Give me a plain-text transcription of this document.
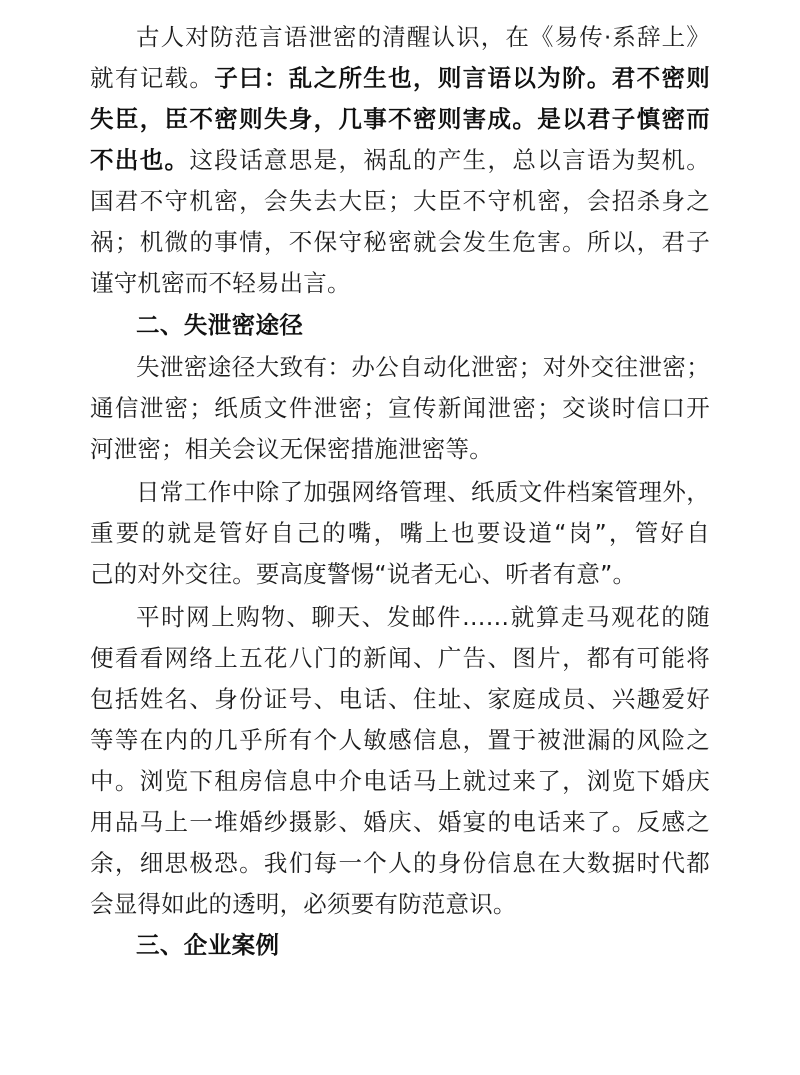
古人对防范言语泄密的清醒认识，在《易传·系辞上》
就有记载。子曰：乱之所生也，则言语以为阶。君不密则
失臣，臣不密则失身，几事不密则害成。是以君子慎密而
不出也。这段话意思是，祸乱的产生，总以言语为契机。
国君不守机密，会失去大臣；大臣不守机密，会招杀身之
祸；机微的事情，不保守秘密就会发生危害。所以，君子
谨守机密而不轻易出言。
二、失泄密途径
失泄密途径大致有：办公自动化泄密；对外交往泄密；
通信泄密；纸质文件泄密；宣传新闻泄密；交谈时信口开
河泄密；相关会议无保密措施泄密等。
日常工作中除了加强网络管理、纸质文件档案管理外，
重要的就是管好自己的嘴，嘴上也要设道“岗”，管好自
己的对外交往。要高度警惕“说者无心、听者有意”。
平时网上购物、聊天、发邮件……就算走马观花的随
便看看网络上五花八门的新闻、广告、图片，都有可能将
包括姓名、身份证号、电话、住址、家庭成员、兴趣爱好
等等在内的几乎所有个人敏感信息，置于被泄漏的风险之
中。浏览下租房信息中介电话马上就过来了，浏览下婚庆
用品马上一堆婚纱摄影、婚庆、婚宴的电话来了。反感之
余，细思极恐。我们每一个人的身份信息在大数据时代都
会显得如此的透明，必须要有防范意识。
三、企业案例
